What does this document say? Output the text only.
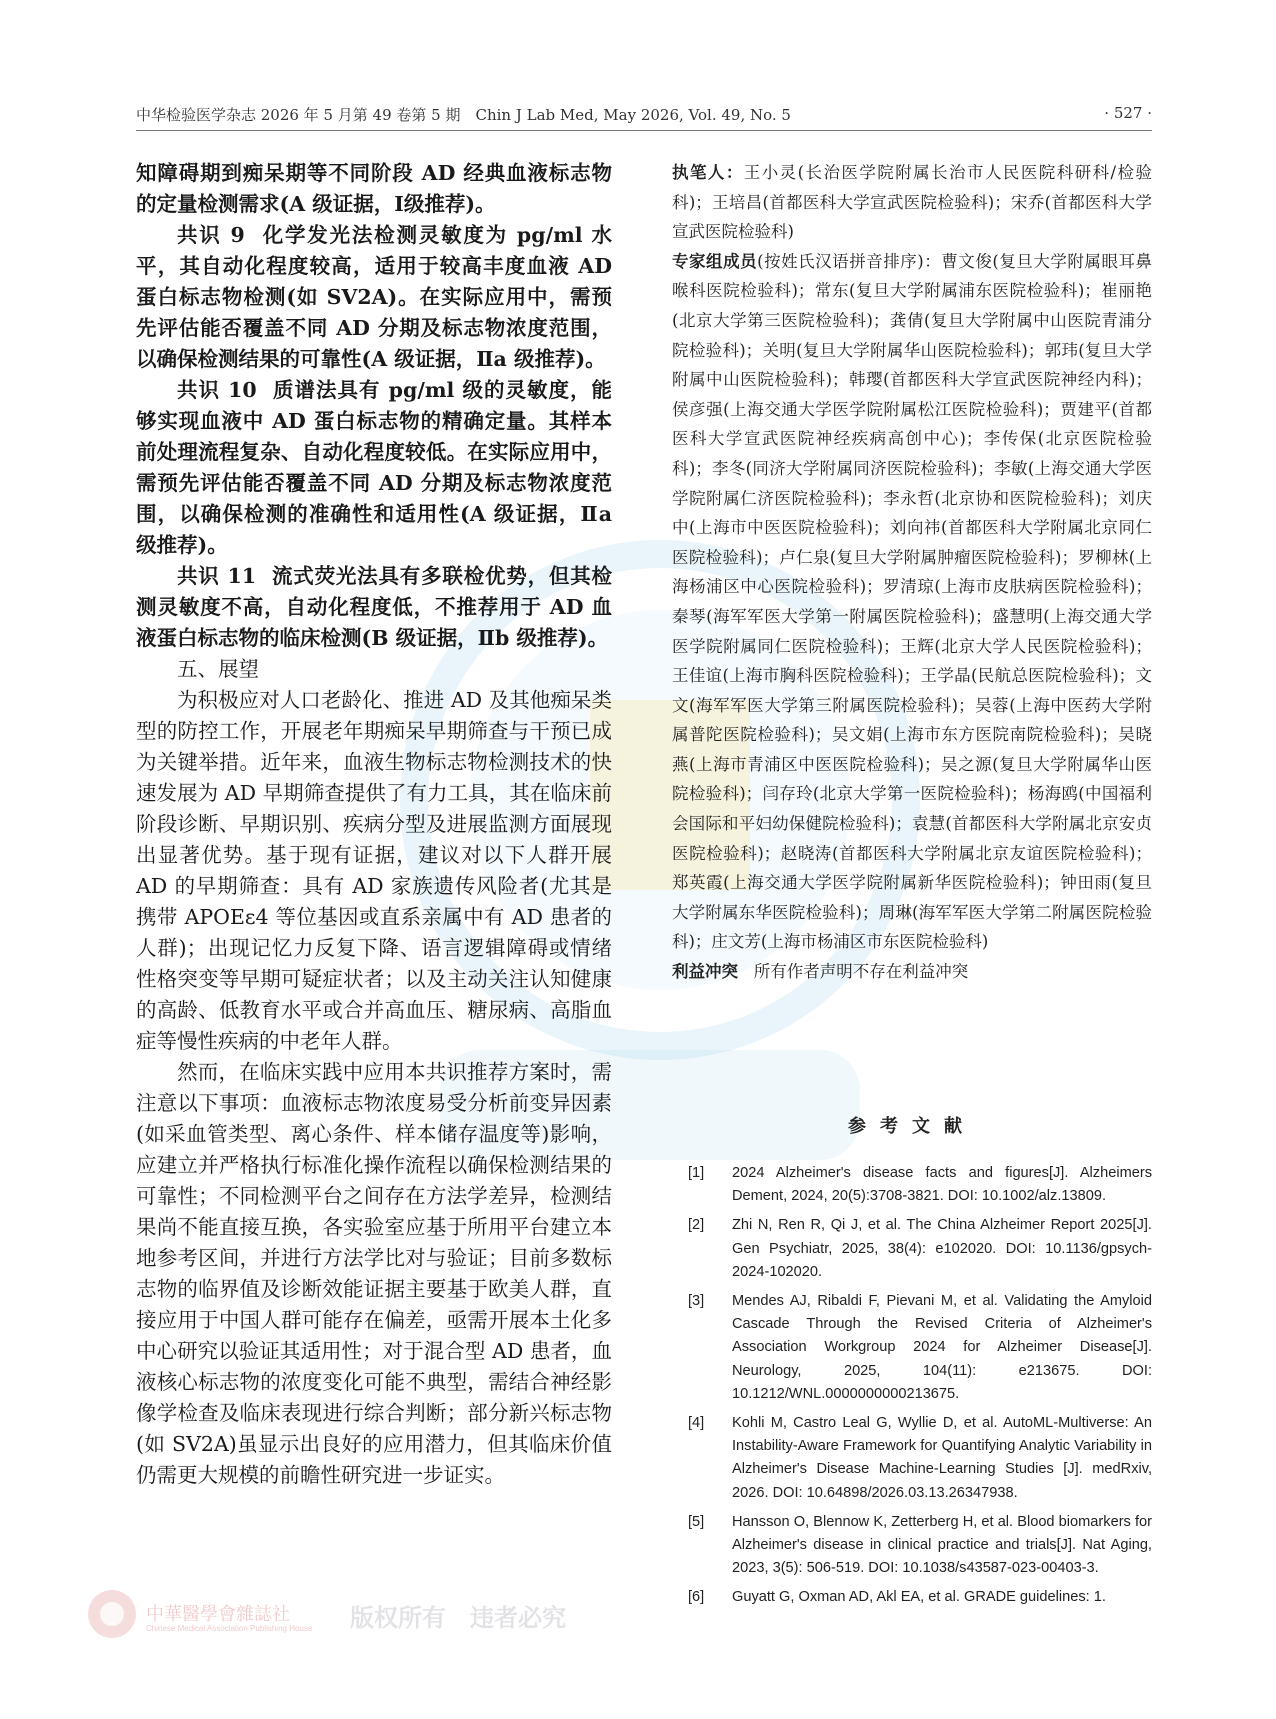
中华检验医学杂志 2026 年 5 月第 49 卷第 5 期　Chin J Lab Med, May 2026, Vol. 49, No. 5	· 527 ·

知障碍期到痴呆期等不同阶段 AD 经典血液标志物的定量检测需求(A 级证据，Ⅰ级推荐)。

共识 9 化学发光法检测灵敏度为 pg/ml 水平，其自动化程度较高，适用于较高丰度血液 AD 蛋白标志物检测(如 SV2A)。在实际应用中，需预先评估能否覆盖不同 AD 分期及标志物浓度范围，以确保检测结果的可靠性(A 级证据，Ⅱa 级推荐)。

共识 10 质谱法具有 pg/ml 级的灵敏度，能够实现血液中 AD 蛋白标志物的精确定量。其样本前处理流程复杂、自动化程度较低。在实际应用中，需预先评估能否覆盖不同 AD 分期及标志物浓度范围，以确保检测的准确性和适用性(A 级证据，Ⅱa 级推荐)。

共识 11 流式荧光法具有多联检优势，但其检测灵敏度不高，自动化程度低，不推荐用于 AD 血液蛋白标志物的临床检测(B 级证据，Ⅱb 级推荐)。

五、展望

为积极应对人口老龄化、推进 AD 及其他痴呆类型的防控工作，开展老年期痴呆早期筛查与干预已成为关键举措。近年来，血液生物标志物检测技术的快速发展为 AD 早期筛查提供了有力工具，其在临床前阶段诊断、早期识别、疾病分型及进展监测方面展现出显著优势。基于现有证据，建议对以下人群开展 AD 的早期筛查：具有 AD 家族遗传风险者(尤其是携带 APOEε4 等位基因或直系亲属中有 AD 患者的人群)；出现记忆力反复下降、语言逻辑障碍或情绪性格突变等早期可疑症状者；以及主动关注认知健康的高龄、低教育水平或合并高血压、糖尿病、高脂血症等慢性疾病的中老年人群。

然而，在临床实践中应用本共识推荐方案时，需注意以下事项：血液标志物浓度易受分析前变异因素(如采血管类型、离心条件、样本储存温度等)影响，应建立并严格执行标准化操作流程以确保检测结果的可靠性；不同检测平台之间存在方法学差异，检测结果尚不能直接互换，各实验室应基于所用平台建立本地参考区间，并进行方法学比对与验证；目前多数标志物的临界值及诊断效能证据主要基于欧美人群，直接应用于中国人群可能存在偏差，亟需开展本土化多中心研究以验证其适用性；对于混合型 AD 患者，血液核心标志物的浓度变化可能不典型，需结合神经影像学检查及临床表现进行综合判断；部分新兴标志物(如 SV2A)虽显示出良好的应用潜力，但其临床价值仍需更大规模的前瞻性研究进一步证实。

执笔人：王小灵(长治医学院附属长治市人民医院科研科/检验科)；王培昌(首都医科大学宣武医院检验科)；宋乔(首都医科大学宣武医院检验科)

专家组成员(按姓氏汉语拼音排序)：曹文俊(复旦大学附属眼耳鼻喉科医院检验科)；常东(复旦大学附属浦东医院检验科)；崔丽艳(北京大学第三医院检验科)；龚倩(复旦大学附属中山医院青浦分院检验科)；关明(复旦大学附属华山医院检验科)；郭玮(复旦大学附属中山医院检验科)；韩璎(首都医科大学宣武医院神经内科)；侯彦强(上海交通大学医学院附属松江医院检验科)；贾建平(首都医科大学宣武医院神经疾病高创中心)；李传保(北京医院检验科)；李冬(同济大学附属同济医院检验科)；李敏(上海交通大学医学院附属仁济医院检验科)；李永哲(北京协和医院检验科)；刘庆中(上海市中医医院检验科)；刘向祎(首都医科大学附属北京同仁医院检验科)；卢仁泉(复旦大学附属肿瘤医院检验科)；罗柳林(上海杨浦区中心医院检验科)；罗清琼(上海市皮肤病医院检验科)；秦琴(海军军医大学第一附属医院检验科)；盛慧明(上海交通大学医学院附属同仁医院检验科)；王辉(北京大学人民医院检验科)；王佳谊(上海市胸科医院检验科)；王学晶(民航总医院检验科)；文文(海军军医大学第三附属医院检验科)；吴蓉(上海中医药大学附属普陀医院检验科)；吴文娟(上海市东方医院南院检验科)；吴晓燕(上海市青浦区中医医院检验科)；吴之源(复旦大学附属华山医院检验科)；闫存玲(北京大学第一医院检验科)；杨海鸥(中国福利会国际和平妇幼保健院检验科)；袁慧(首都医科大学附属北京安贞医院检验科)；赵晓涛(首都医科大学附属北京友谊医院检验科)；郑英霞(上海交通大学医学院附属新华医院检验科)；钟田雨(复旦大学附属东华医院检验科)；周琳(海军军医大学第二附属医院检验科)；庄文芳(上海市杨浦区市东医院检验科)

利益冲突 所有作者声明不存在利益冲突

参考文献
[1] 2024 Alzheimer's disease facts and figures[J]. Alzheimers Dement, 2024, 20(5):3708-3821. DOI: 10.1002/alz.13809.
[2] Zhi N, Ren R, Qi J, et al. The China Alzheimer Report 2025[J]. Gen Psychiatr, 2025, 38(4): e102020. DOI: 10.1136/gpsych-2024-102020.
[3] Mendes AJ, Ribaldi F, Pievani M, et al. Validating the Amyloid Cascade Through the Revised Criteria of Alzheimer's Association Workgroup 2024 for Alzheimer Disease[J]. Neurology, 2025, 104(11): e213675. DOI: 10.1212/WNL.0000000000213675.
[4] Kohli M, Castro Leal G, Wyllie D, et al. AutoML-Multiverse: An Instability-Aware Framework for Quantifying Analytic Variability in Alzheimer's Disease Machine-Learning Studies [J]. medRxiv, 2026. DOI: 10.64898/2026.03.13.26347938.
[5] Hansson O, Blennow K, Zetterberg H, et al. Blood biomarkers for Alzheimer's disease in clinical practice and trials[J]. Nat Aging, 2023, 3(5): 506-519. DOI: 10.1038/s43587-023-00403-3.
[6] Guyatt G, Oxman AD, Akl EA, et al. GRADE guidelines: 1.
中華醫學會雜誌社
Chinese Medical Association Publishing House 版权所有　违者必究
